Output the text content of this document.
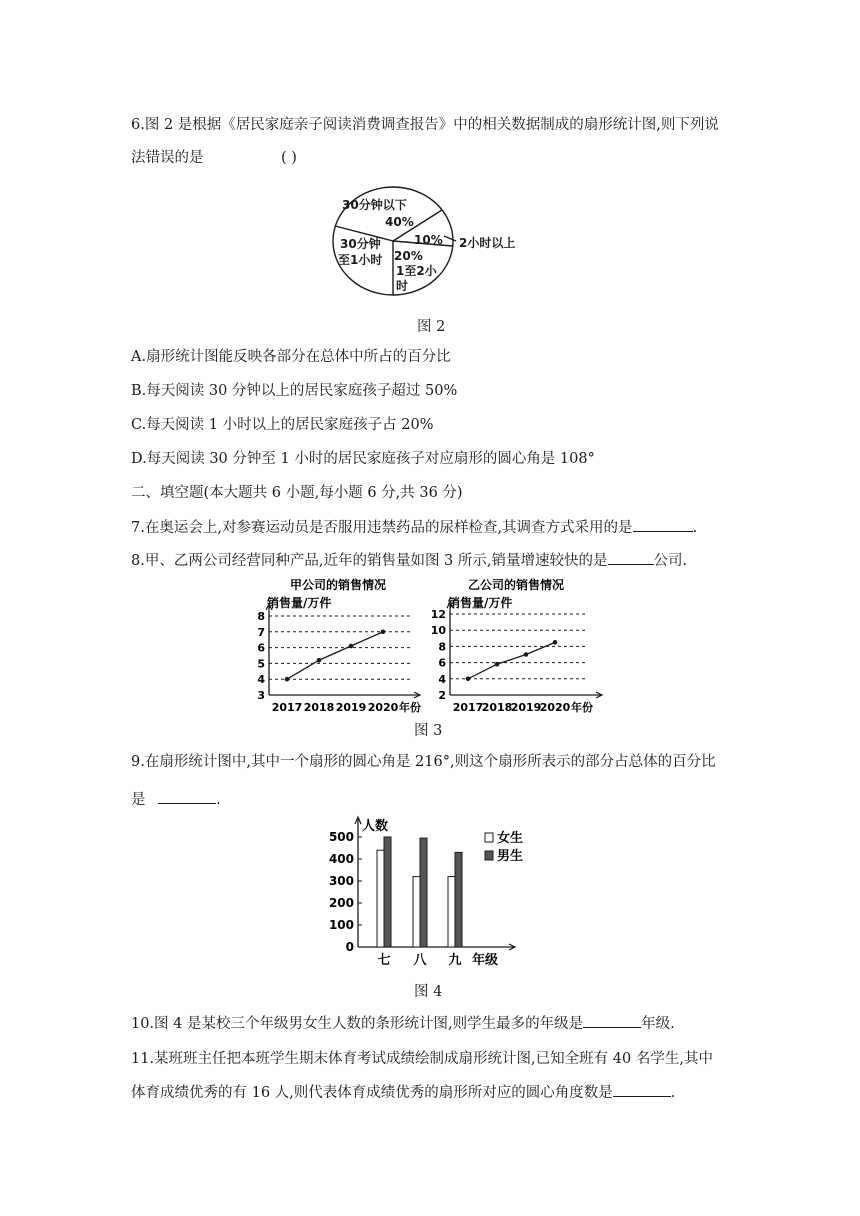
6.图 2 是根据《居民家庭亲子阅读消费调查报告》中的相关数据制成的扇形统计图,则下列说
法错误的是	( )
30分钟以下
40%
10% 2小时以上
20%
1至2小
时
30分钟
至1小时
图 2
A.扇形统计图能反映各部分在总体中所占的百分比
B.每天阅读 30 分钟以上的居民家庭孩子超过 50%
C.每天阅读 1 小时以上的居民家庭孩子占 20%
D.每天阅读 30 分钟至 1 小时的居民家庭孩子对应扇形的圆心角是 108°
二、填空题(本大题共 6 小题,每小题 6 分,共 36 分)
7.在奥运会上,对参赛运动员是否服用违禁药品的尿样检查,其调查方式采用的是	.
8.甲、乙两公司经营同种产品,近年的销售量如图 3 所示,销量增速较快的是	公司.
甲公司的销售情况
销售量/万件
3
4
5
6
7
8
2017 2018 2019 2020 年份
乙公司的销售情况
销售量/万件
2
4
6
8
10
12
2017
2018
2019
2020 年份
图 3
9.在扇形统计图中,其中一个扇形的圆心角是 216°,则这个扇形所表示的部分占总体的百分比
是	.
人数
0
100
200
300
400
500
七 八 九 年级
女生
男生
图 4
10.图 4 是某校三个年级男女生人数的条形统计图,则学生最多的年级是	年级.
11.某班班主任把本班学生期末体育考试成绩绘制成扇形统计图,已知全班有 40 名学生,其中
体育成绩优秀的有 16 人,则代表体育成绩优秀的扇形所对应的圆心角度数是	.
